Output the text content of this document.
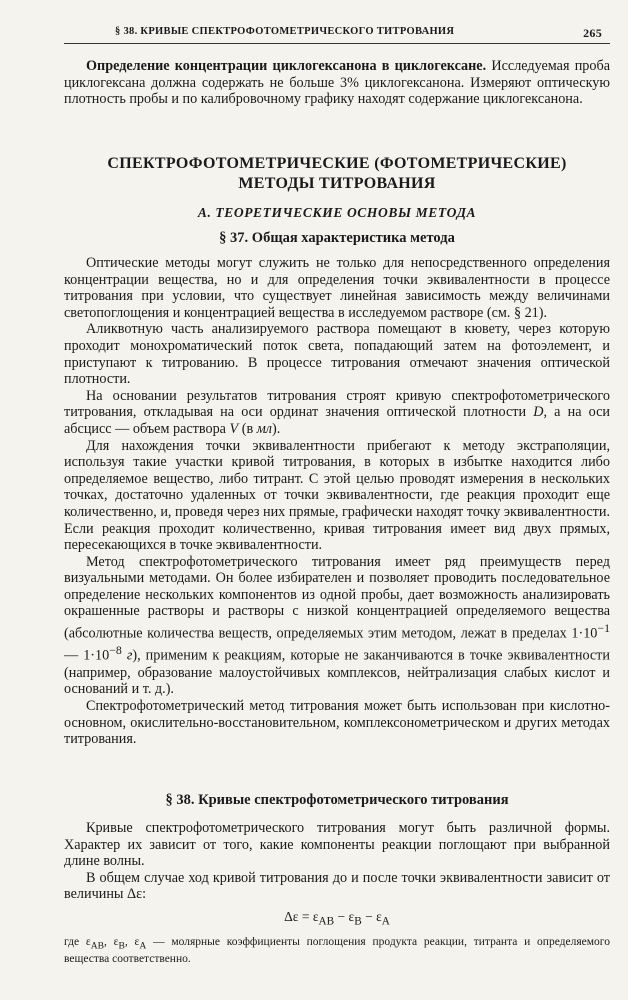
§ 38. КРИВЫЕ СПЕКТРОФОТОМЕТРИЧЕСКОГО ТИТРОВАНИЯ	265

Определение концентрации циклогексанона в циклогексане. Исследуемая проба циклогексана должна содержать не больше 3% циклогексанона. Измеряют оптическую плотность пробы и по калибровочному графику находят содержание циклогексанона.

СПЕКТРОФОТОМЕТРИЧЕСКИЕ (ФОТОМЕТРИЧЕСКИЕ)
МЕТОДЫ ТИТРОВАНИЯ
А. ТЕОРЕТИЧЕСКИЕ ОСНОВЫ МЕТОДА
§ 37. Общая характеристика метода

Оптические методы могут служить не только для непосредственного определения концентрации вещества, но и для определения точки эквивалентности в процессе титрования при условии, что существует линейная зависимость между величинами светопоглощения и концентрацией вещества в исследуемом растворе (см. § 21).

Аликвотную часть анализируемого раствора помещают в кювету, через которую проходит монохроматический поток света, попадающий затем на фотоэлемент, и приступают к титрованию. В процессе титрования отмечают значения оптической плотности.

На основании результатов титрования строят кривую спектрофотометрического титрования, откладывая на оси ординат значения оптической плотности D, а на оси абсцисс — объем раствора V (в мл).

Для нахождения точки эквивалентности прибегают к методу экстраполяции, используя такие участки кривой титрования, в которых в избытке находится либо определяемое вещество, либо титрант. С этой целью проводят измерения в нескольких точках, достаточно удаленных от точки эквивалентности, где реакция проходит еще количественно, и, проведя через них прямые, графически находят точку эквивалентности. Если реакция проходит количественно, кривая титрования имеет вид двух прямых, пересекающихся в точке эквивалентности.

Метод спектрофотометрического титрования имеет ряд преимуществ перед визуальными методами. Он более избирателен и позволяет проводить последовательное определение нескольких компонентов из одной пробы, дает возможность анализировать окрашенные растворы и растворы с низкой концентрацией определяемого вещества (абсолютные количества веществ, определяемых этим методом, лежат в пределах $1\cdot 10^{-1}$ — $1\cdot 10^{-8}$ г), применим к реакциям, которые не заканчиваются в точке эквивалентности (например, образование малоустойчивых комплексов, нейтрализация слабых кислот и оснований и т. д.).

Спектрофотометрический метод титрования может быть использован при кислотно-основном, окислительно-восстановительном, комплексонометрическом и других методах титрования.

§ 38. Кривые спектрофотометрического титрования

Кривые спектрофотометрического титрования могут быть различной формы. Характер их зависит от того, какие компоненты реакции поглощают при выбранной длине волны.

В общем случае ход кривой титрования до и после точки эквивалентности зависит от величины Δε:

$\Delta\varepsilon = \varepsilon_{AB} - \varepsilon_B - \varepsilon_A$

где $\varepsilon_{AB}$, $\varepsilon_B$, $\varepsilon_A$ — молярные коэффициенты поглощения продукта реакции, титранта и определяемого вещества соответственно.
